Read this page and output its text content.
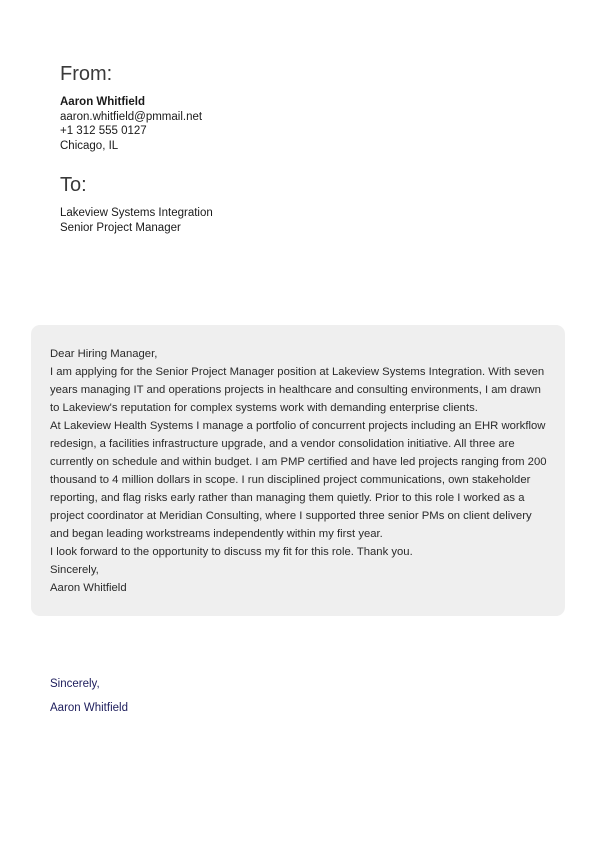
From:
Aaron Whitfield
aaron.whitfield@pmmail.net
+1 312 555 0127
Chicago, IL
To:
Lakeview Systems Integration
Senior Project Manager

Dear Hiring Manager,

I am applying for the Senior Project Manager position at Lakeview Systems Integration. With seven years managing IT and operations projects in healthcare and consulting environments, I am drawn to Lakeview's reputation for complex systems work with demanding enterprise clients.

At Lakeview Health Systems I manage a portfolio of concurrent projects including an EHR workflow redesign, a facilities infrastructure upgrade, and a vendor consolidation initiative. All three are currently on schedule and within budget. I am PMP certified and have led projects ranging from 200 thousand to 4 million dollars in scope. I run disciplined project communications, own stakeholder reporting, and flag risks early rather than managing them quietly. Prior to this role I worked as a project coordinator at Meridian Consulting, where I supported three senior PMs on client delivery and began leading workstreams independently within my first year.

I look forward to the opportunity to discuss my fit for this role. Thank you.

Sincerely,

Aaron Whitfield

Sincerely,
Aaron Whitfield
